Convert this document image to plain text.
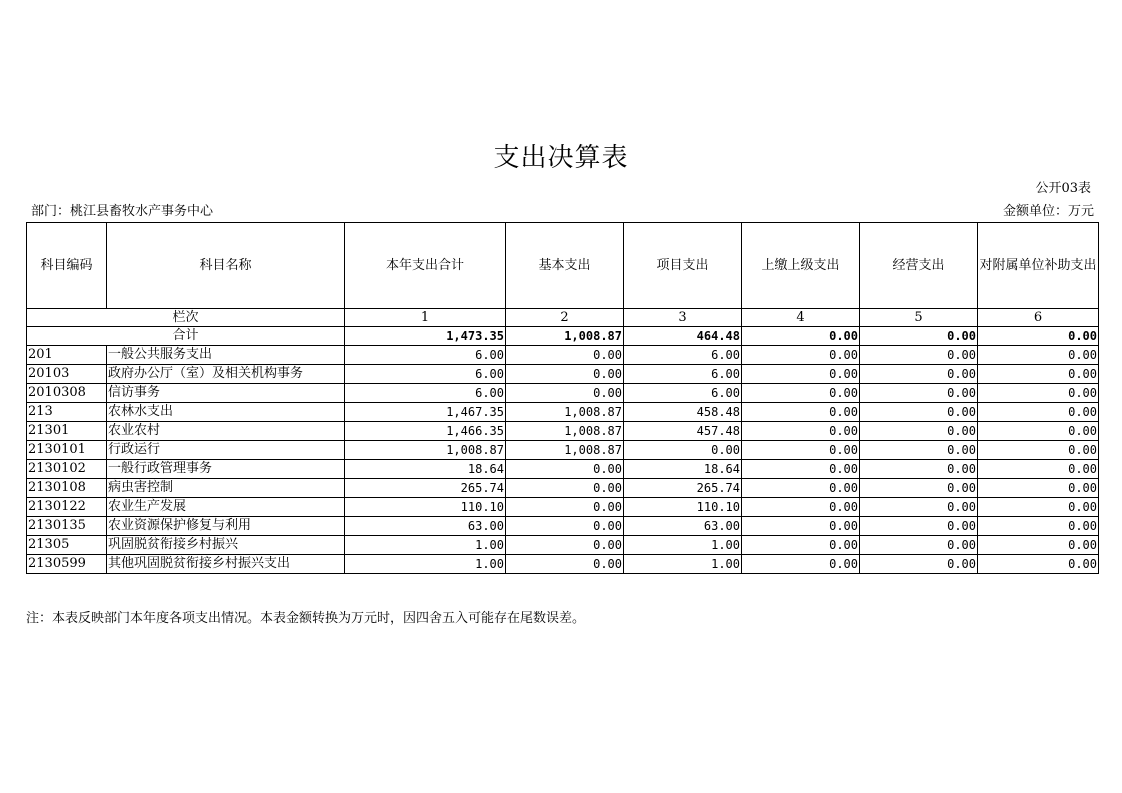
支出决算表
公开03表
部门：桃江县畜牧水产事务中心	金额单位：万元
科目编码	科目名称	本年支出合计	基本支出	项目支出	上缴上级支出	经营支出	对附属单位补助支出
栏次		1	2	3	4	5	6
合计		1,473.35	1,008.87	464.48	0.00	0.00	0.00
201	一般公共服务支出	6.00	0.00	6.00	0.00	0.00	0.00
20103	政府办公厅（室）及相关机构事务	6.00	0.00	6.00	0.00	0.00	0.00
2010308	信访事务	6.00	0.00	6.00	0.00	0.00	0.00
213	农林水支出	1,467.35	1,008.87	458.48	0.00	0.00	0.00
21301	农业农村	1,466.35	1,008.87	457.48	0.00	0.00	0.00
2130101	行政运行	1,008.87	1,008.87	0.00	0.00	0.00	0.00
2130102	一般行政管理事务	18.64	0.00	18.64	0.00	0.00	0.00
2130108	病虫害控制	265.74	0.00	265.74	0.00	0.00	0.00
2130122	农业生产发展	110.10	0.00	110.10	0.00	0.00	0.00
2130135	农业资源保护修复与利用	63.00	0.00	63.00	0.00	0.00	0.00
21305	巩固脱贫衔接乡村振兴	1.00	0.00	1.00	0.00	0.00	0.00
2130599	其他巩固脱贫衔接乡村振兴支出	1.00	0.00	1.00	0.00	0.00	0.00
注：本表反映部门本年度各项支出情况。本表金额转换为万元时，因四舍五入可能存在尾数误差。
